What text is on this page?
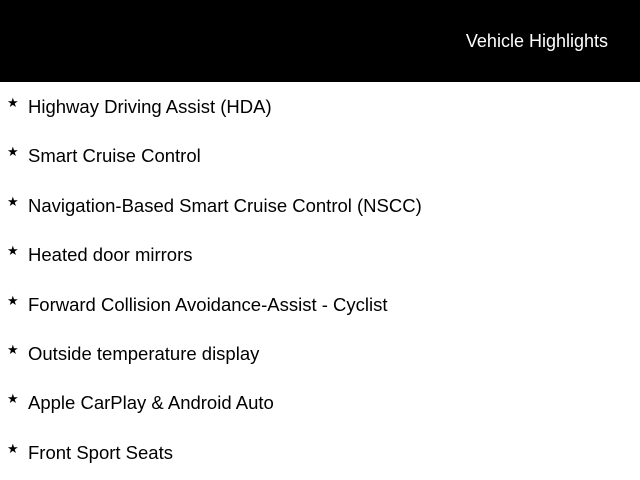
Vehicle Highlights
★ Highway Driving Assist (HDA)
★ Smart Cruise Control
★ Navigation-Based Smart Cruise Control (NSCC)
★ Heated door mirrors
★ Forward Collision Avoidance-Assist - Cyclist
★ Outside temperature display
★ Apple CarPlay & Android Auto
★ Front Sport Seats
